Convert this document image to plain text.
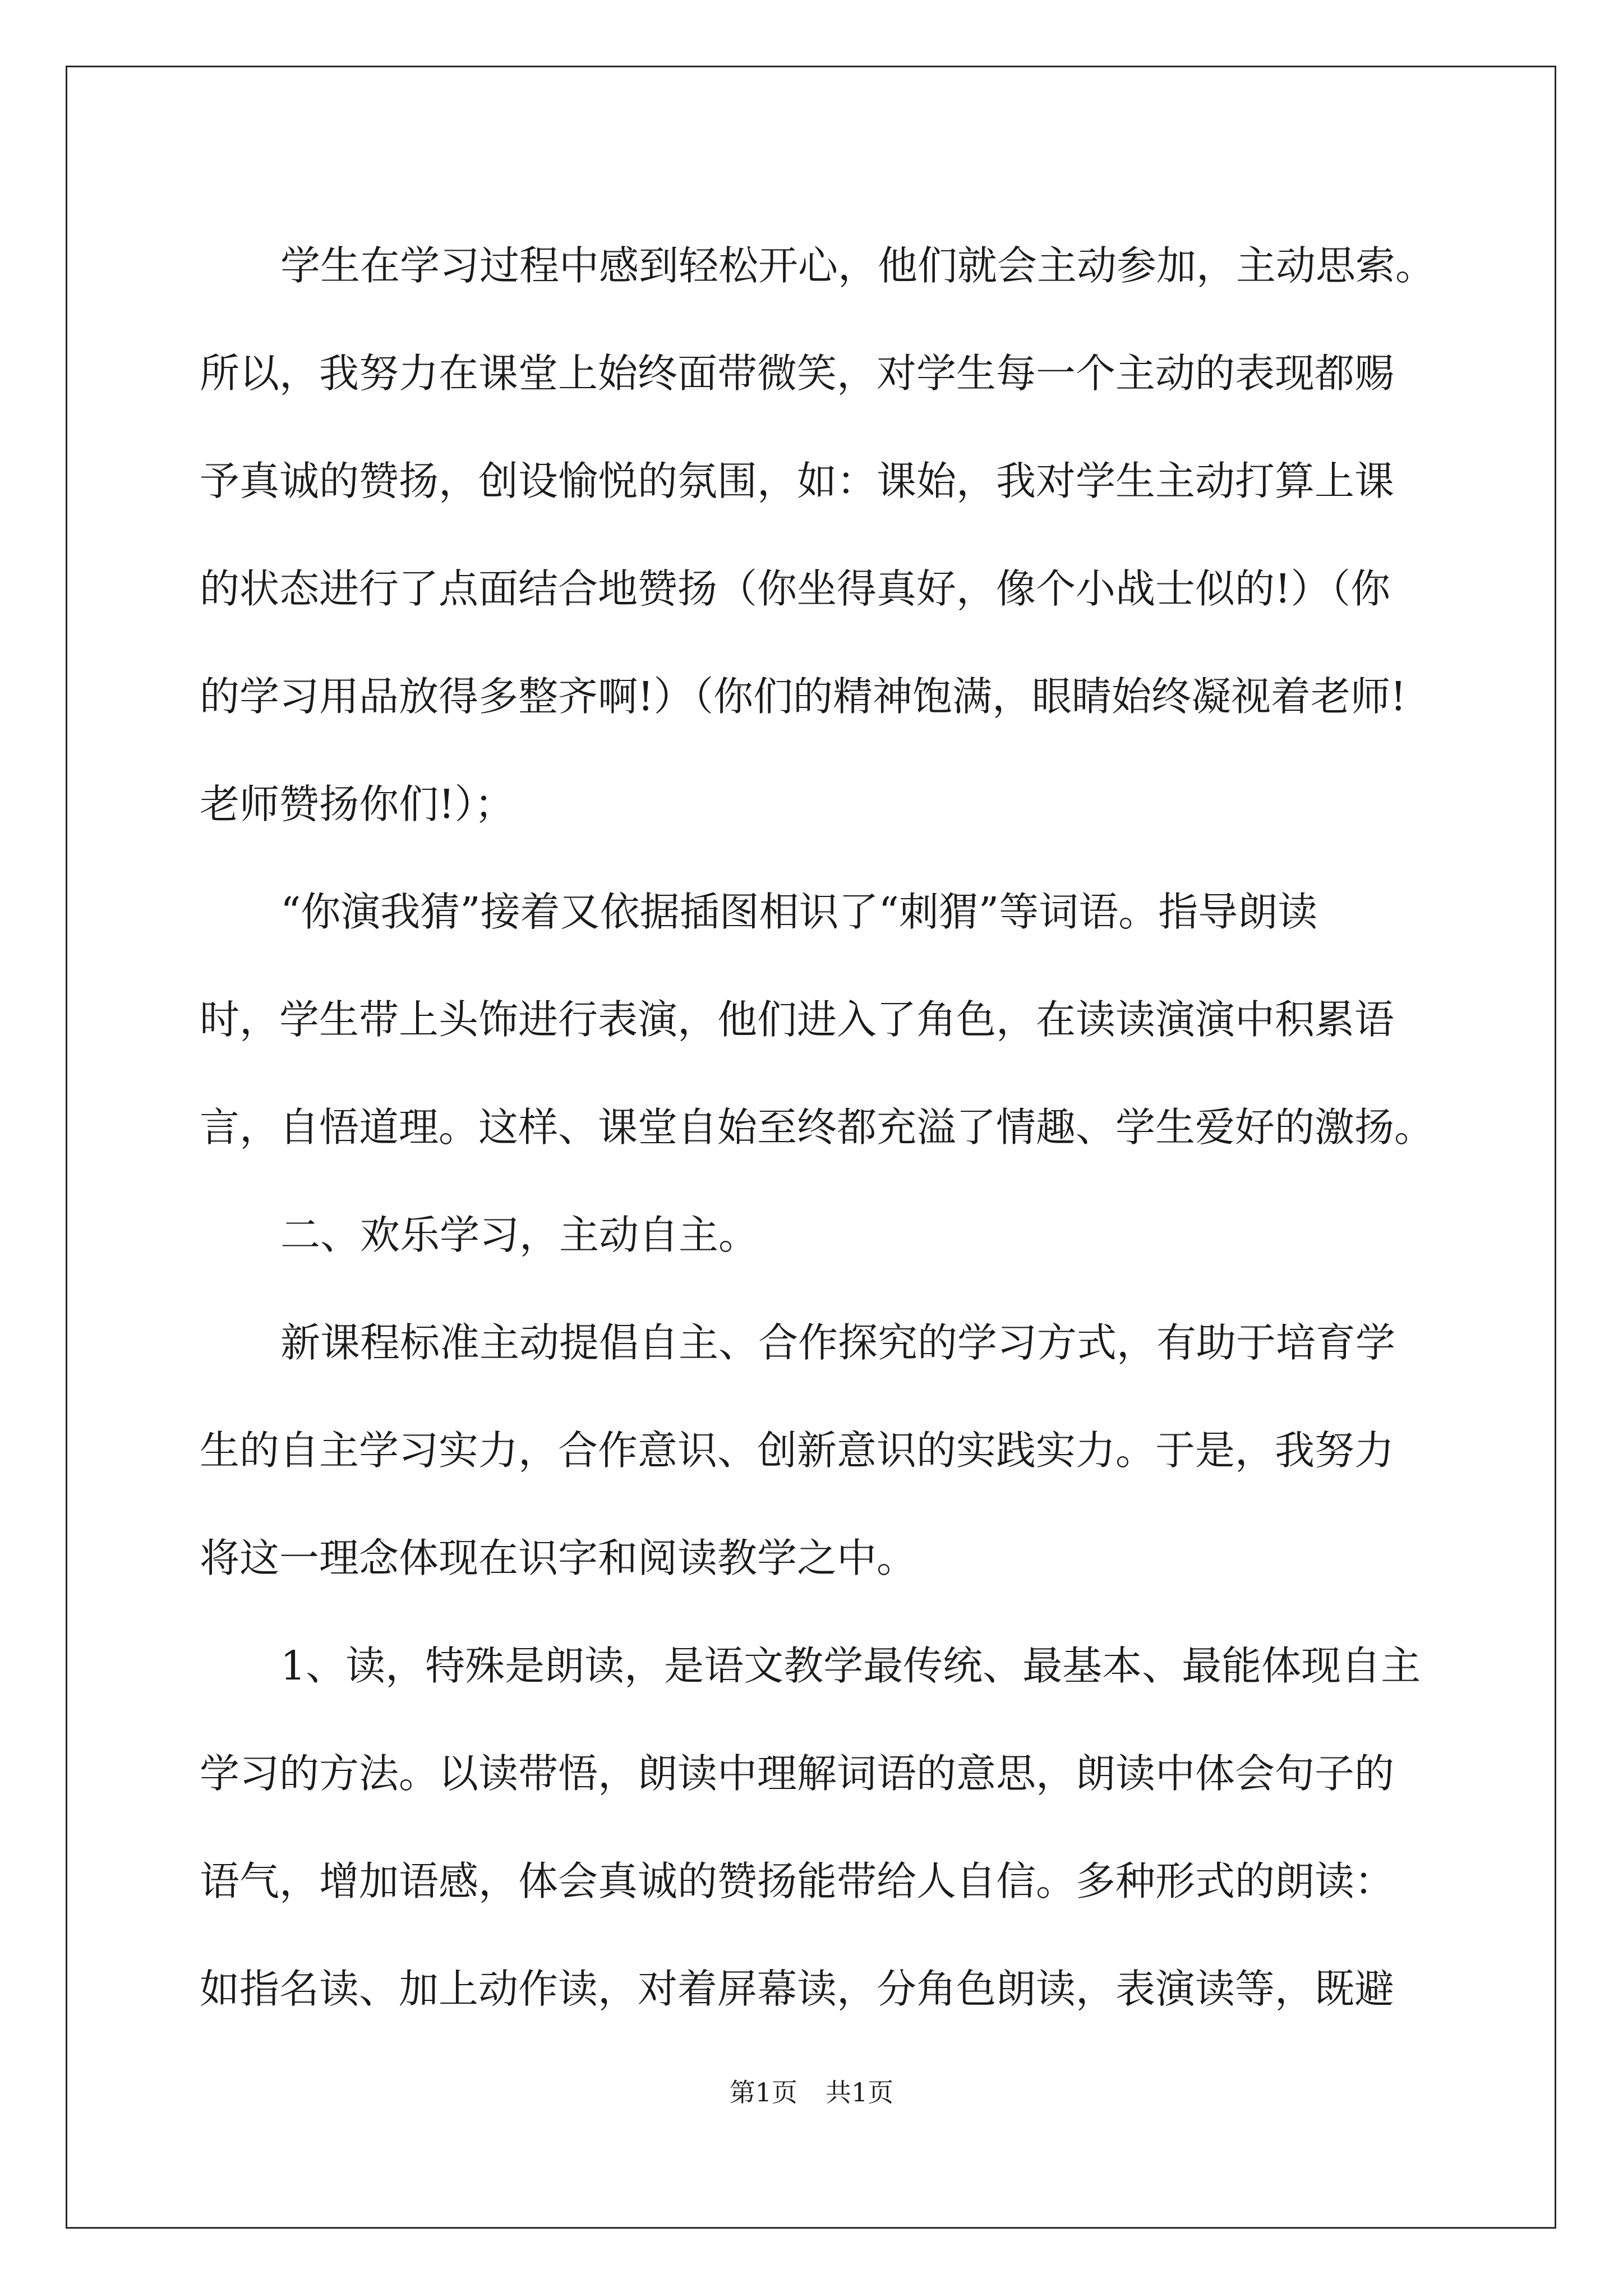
学生在学习过程中感到轻松开心，他们就会主动参加，主动思索。
所以，我努力在课堂上始终面带微笑，对学生每一个主动的表现都赐
予真诚的赞扬，创设愉悦的氛围，如：课始，我对学生主动打算上课
的状态进行了点面结合地赞扬（你坐得真好，像个小战士似的!）（你
的学习用品放得多整齐啊!）（你们的精神饱满，眼睛始终凝视着老师!
老师赞扬你们!）；
“你演我猜”接着又依据插图相识了“刺猬”等词语。指导朗读
时，学生带上头饰进行表演，他们进入了角色，在读读演演中积累语
言，自悟道理。这样、课堂自始至终都充溢了情趣、学生爱好的激扬。
二、欢乐学习，主动自主。
新课程标准主动提倡自主、合作探究的学习方式，有助于培育学
生的自主学习实力，合作意识、创新意识的实践实力。于是，我努力
将这一理念体现在识字和阅读教学之中。
1、读，特殊是朗读，是语文教学最传统、最基本、最能体现自主
学习的方法。以读带悟，朗读中理解词语的意思，朗读中体会句子的
语气，增加语感，体会真诚的赞扬能带给人自信。多种形式的朗读：
如指名读、加上动作读，对着屏幕读，分角色朗读，表演读等，既避
第1页 共1页
